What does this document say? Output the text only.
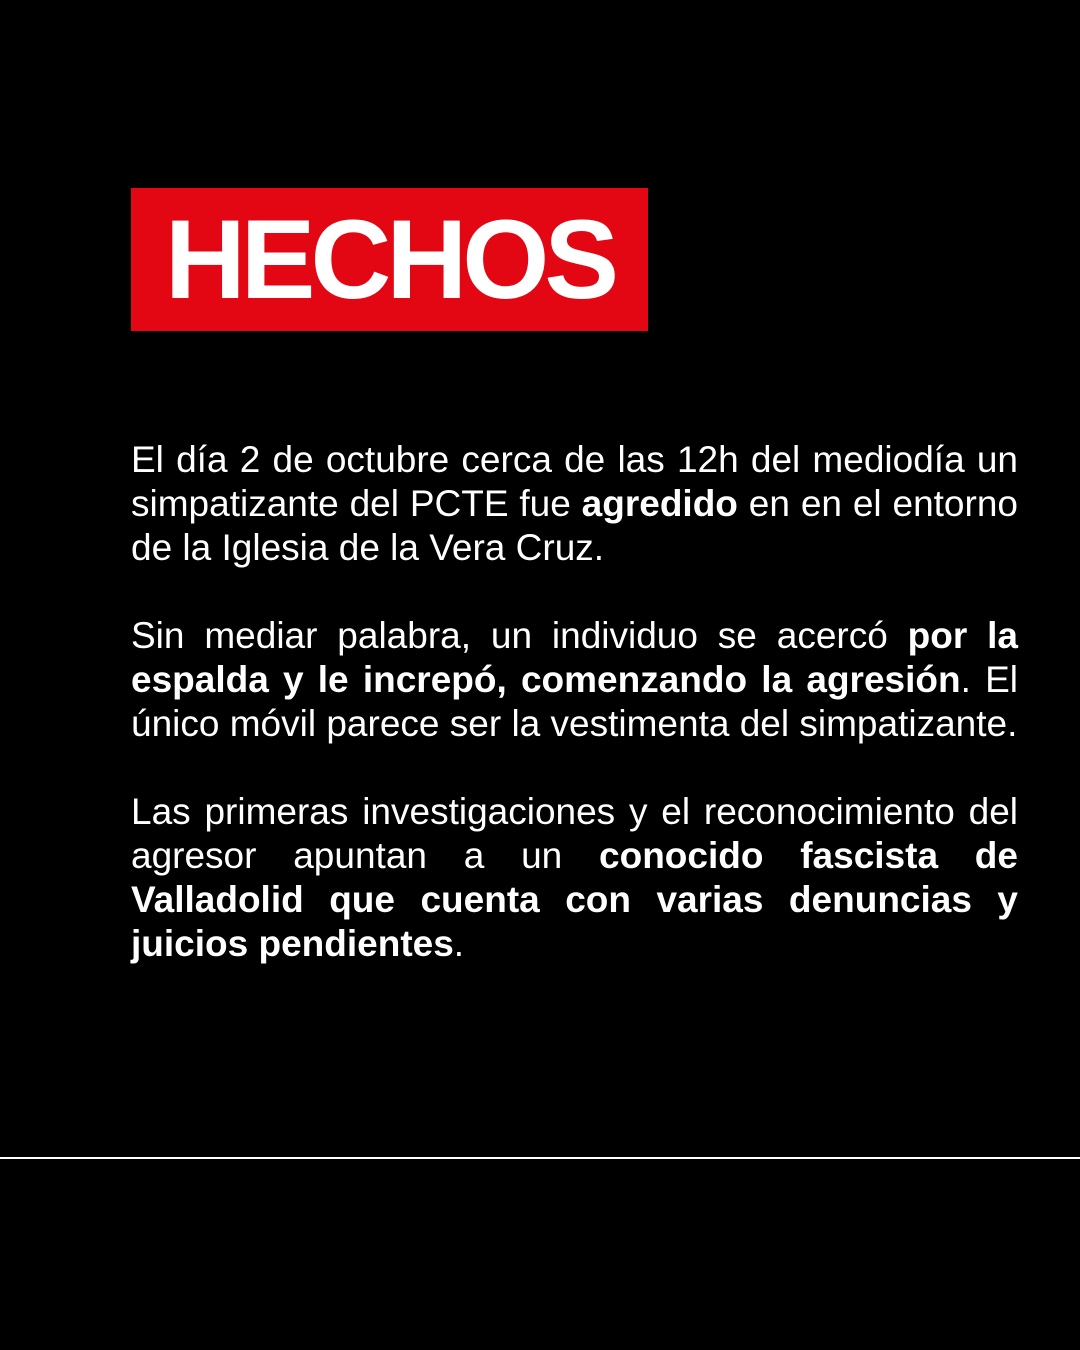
HECHOS

El día 2 de octubre cerca de las 12h del mediodía un simpatizante del PCTE fue agredido en en el entorno de la Iglesia de la Vera Cruz.

Sin mediar palabra, un individuo se acercó por la espalda y le increpó, comenzando la agresión. El único móvil parece ser la vestimenta del simpatizante.

Las primeras investigaciones y el reconocimiento del agresor apuntan a un conocido fascista de Valladolid que cuenta con varias denuncias y juicios pendientes.
